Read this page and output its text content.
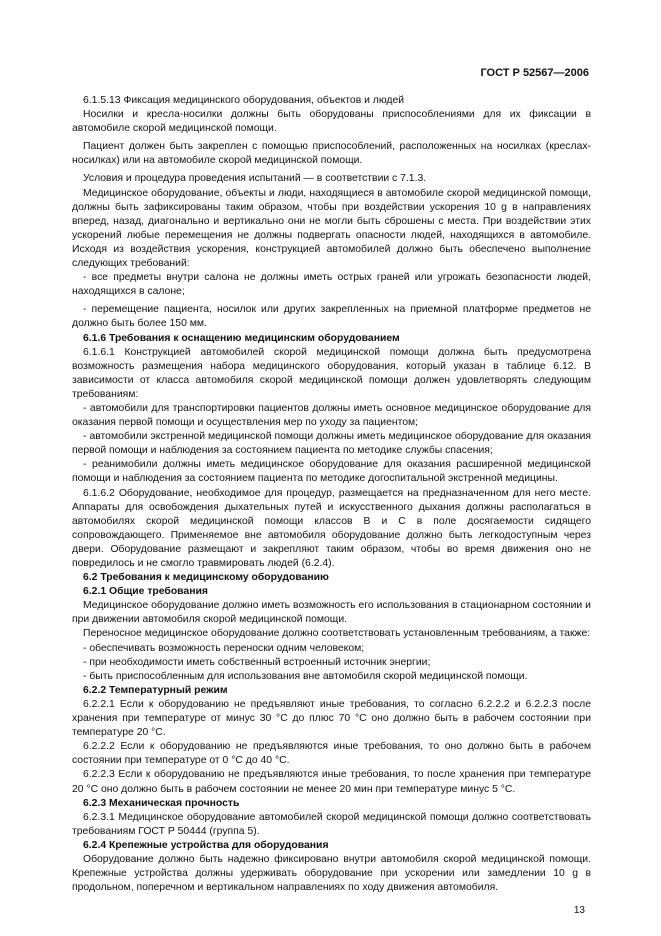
ГОСТ Р 52567—2006

6.1.5.13 Фиксация медицинского оборудования, объектов и людей

Носилки и кресла-носилки должны быть оборудованы приспособлениями для их фиксации в автомобиле скорой медицинской помощи.

Пациент должен быть закреплен с помощью приспособлений, расположенных на носилках (креслах-носилках) или на автомобиле скорой медицинской помощи.

Условия и процедура проведения испытаний — в соответствии с 7.1.3.

Медицинское оборудование, объекты и люди, находящиеся в автомобиле скорой медицинской помощи, должны быть зафиксированы таким образом, чтобы при воздействии ускорения 10 g в направлениях вперед, назад, диагонально и вертикально они не могли быть сброшены с места. При воздействии этих ускорений любые перемещения не должны подвергать опасности людей, находящихся в автомобиле. Исходя из воздействия ускорения, конструкцией автомобилей должно быть обеспечено выполнение следующих требований:

- все предметы внутри салона не должны иметь острых граней или угрожать безопасности людей, находящихся в салоне;

- перемещение пациента, носилок или других закрепленных на приемной платформе предметов не должно быть более 150 мм.

6.1.6 Требования к оснащению медицинским оборудованием

6.1.6.1 Конструкцией автомобилей скорой медицинской помощи должна быть предусмотрена возможность размещения набора медицинского оборудования, который указан в таблице 6.12. В зависимости от класса автомобиля скорой медицинской помощи должен удовлетворять следующим требованиям:

- автомобили для транспортировки пациентов должны иметь основное медицинское оборудование для оказания первой помощи и осуществления мер по уходу за пациентом;

- автомобили экстренной медицинской помощи должны иметь медицинское оборудование для оказания первой помощи и наблюдения за состоянием пациента по методике службы спасения;

- реанимобили должны иметь медицинское оборудование для оказания расширенной медицинской помощи и наблюдения за состоянием пациента по методике догоспитальной экстренной медицины.

6.1.6.2 Оборудование, необходимое для процедур, размещается на предназначенном для него месте. Аппараты для освобождения дыхательных путей и искусственного дыхания должны располагаться в автомобилях скорой медицинской помощи классов В и С в поле досягаемости сидящего сопровождающего. Применяемое вне автомобиля оборудование должно быть легкодоступным через двери. Оборудование размещают и закрепляют таким образом, чтобы во время движения оно не повредилось и не смогло травмировать людей (6.2.4).

6.2 Требования к медицинскому оборудованию

6.2.1 Общие требования

Медицинское оборудование должно иметь возможность его использования в стационарном состоянии и при движении автомобиля скорой медицинской помощи.

Переносное медицинское оборудование должно соответствовать установленным требованиям, а также:

- обеспечивать возможность переноски одним человеком;

- при необходимости иметь собственный встроенный источник энергии;

- быть приспособленным для использования вне автомобиля скорой медицинской помощи.

6.2.2 Температурный режим

6.2.2.1 Если к оборудованию не предъявляют иные требования, то согласно 6.2.2.2 и 6.2.2.3 после хранения при температуре от минус 30 °С до плюс 70 °С оно должно быть в рабочем состоянии при температуре 20 °С.

6.2.2.2 Если к оборудованию не предъявляются иные требования, то оно должно быть в рабочем состоянии при температуре от 0 °С до 40 °С.

6.2.2.3 Если к оборудованию не предъявляются иные требования, то после хранения при температуре 20 °С оно должно быть в рабочем состоянии не менее 20 мин при температуре минус 5 °С.

6.2.3 Механическая прочность

6.2.3.1 Медицинское оборудование автомобилей скорой медицинской помощи должно соответствовать требованиям ГОСТ Р 50444 (группа 5).

6.2.4 Крепежные устройства для оборудования

Оборудование должно быть надежно фиксировано внутри автомобиля скорой медицинской помощи. Крепежные устройства должны удерживать оборудование при ускорении или замедлении 10 g в продольном, поперечном и вертикальном направлениях по ходу движения автомобиля.

13
